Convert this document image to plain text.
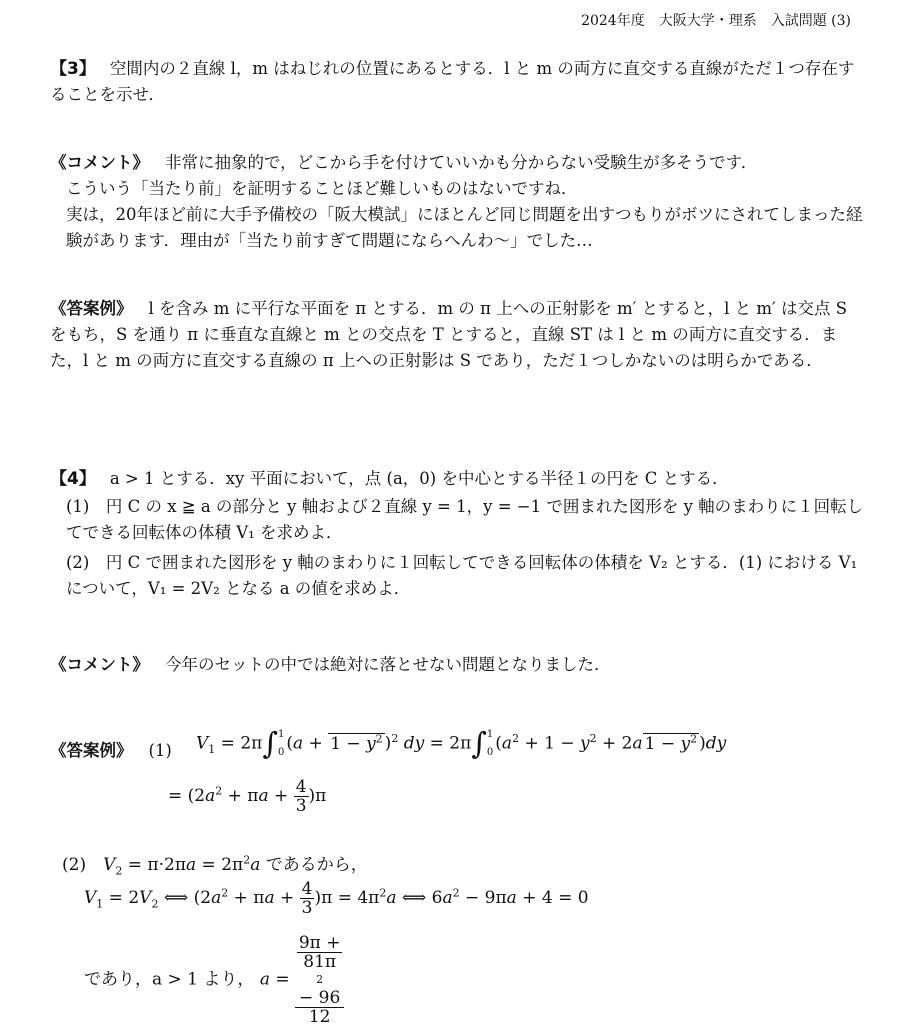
2024年度　大阪大学・理系　入試問題 (3)
【3】 空間内の２直線 l，m はねじれの位置にあるとする．l と m の両方に直交する直線がただ１つ存在することを示せ．
《コメント》 非常に抽象的で，どこから手を付けていいかも分からない受験生が多そうです．
こういう「当たり前」を証明することほど難しいものはないですね．
実は，20年ほど前に大手予備校の「阪大模試」にほとんど同じ問題を出すつもりがボツにされてしまった経験があります．理由が「当たり前すぎて問題にならへんわ〜」でした…
《答案例》 l を含み m に平行な平面を π とする．m の π 上への正射影を m′ とすると，l と m′ は交点 S をもち，S を通り π に垂直な直線と m との交点を T とすると，直線 ST は l と m の両方に直交する．また，l と m の両方に直交する直線の π 上への正射影は S であり，ただ１つしかないのは明らかである．
【4】 a > 1 とする．xy 平面において，点 (a，0) を中心とする半径１の円を C とする．
(1)　円 C の x ≧ a の部分と y 軸および２直線 y = 1，y = −1 で囲まれた図形を y 軸のまわりに１回転してできる回転体の体積 V₁ を求めよ．
(2)　円 C で囲まれた図形を y 軸のまわりに１回転してできる回転体の体積を V₂ とする．(1) における V₁ について，V₁ = 2V₂ となる a の値を求めよ．
《コメント》 今年のセットの中では絶対に落とせない問題となりました．
《答案例》 (1)	$V_1 = 2\pi\int$ 1
0 ($a + 1 - y^2$ )$^2$ dy = 2π∫ 1
0 ($a^2 + 1 - y^2 + 2a$ $1 - y^2$ )dy
= $(2a^2 + \pi a + \frac{4}{3} )\pi$
(2)　 $V_2 = \pi\cdot 2\pi a = 2\pi^2a$ であるから，
$V_1 = 2V_2$ ⟺ $(2a^2 + \pi a + \frac{4}{3} )\pi = 4\pi^2a$ ⟺ $6a^2 - 9\pi a + 4 = 0$
であり，a > 1 より， a = 9π +
81π
2
− 96
12
